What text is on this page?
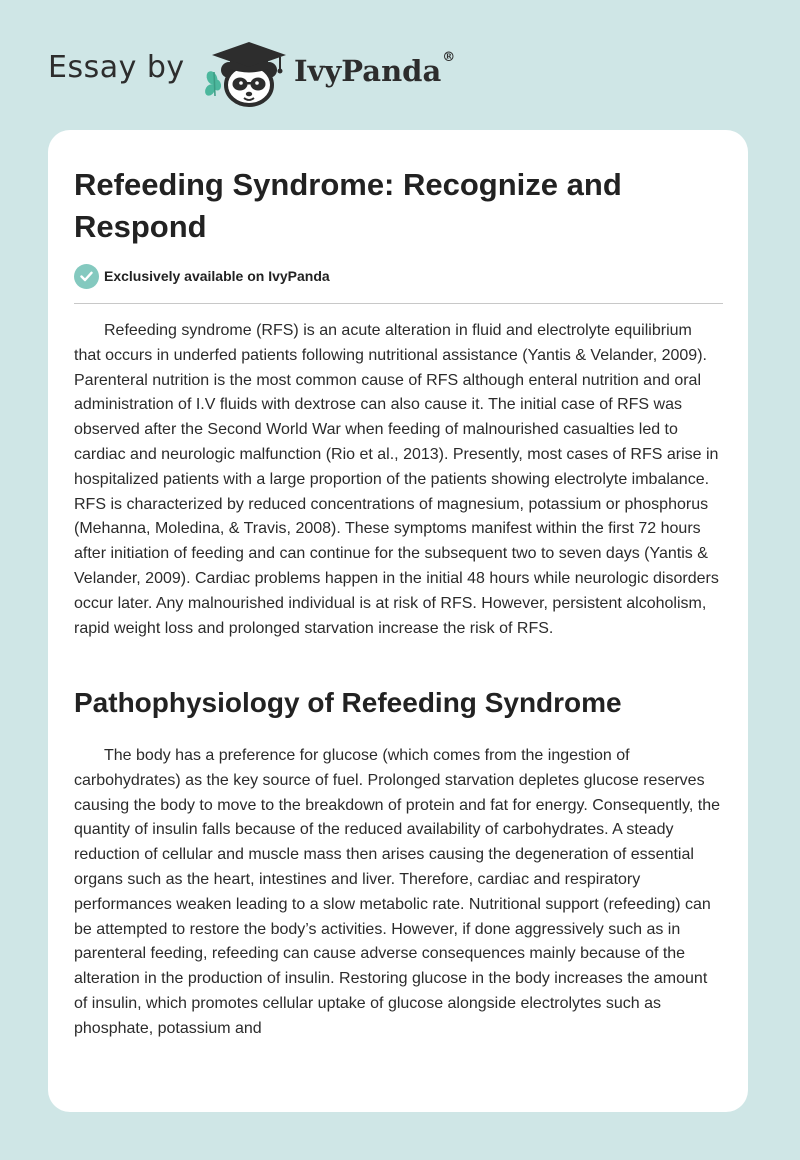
Essay by	IvyPanda®
Refeeding Syndrome: Recognize and Respond
Exclusively available on IvyPanda

Refeeding syndrome (RFS) is an acute alteration in fluid and electrolyte equilibrium that occurs in underfed patients following nutritional assistance (Yantis & Velander, 2009). Parenteral nutrition is the most common cause of RFS although enteral nutrition and oral administration of I.V fluids with dextrose can also cause it. The initial case of RFS was observed after the Second World War when feeding of malnourished casualties led to cardiac and neurologic malfunction (Rio et al., 2013). Presently, most cases of RFS arise in hospitalized patients with a large proportion of the patients showing electrolyte imbalance. RFS is characterized by reduced concentrations of magnesium, potassium or phosphorus (Mehanna, Moledina, & Travis, 2008). These symptoms manifest within the first 72 hours after initiation of feeding and can continue for the subsequent two to seven days (Yantis & Velander, 2009). Cardiac problems happen in the initial 48 hours while neurologic disorders occur later. Any malnourished individual is at risk of RFS. However, persistent alcoholism, rapid weight loss and prolonged starvation increase the risk of RFS.

Pathophysiology of Refeeding Syndrome

The body has a preference for glucose (which comes from the ingestion of carbohydrates) as the key source of fuel. Prolonged starvation depletes glucose reserves causing the body to move to the breakdown of protein and fat for energy. Consequently, the quantity of insulin falls because of the reduced availability of carbohydrates. A steady reduction of cellular and muscle mass then arises causing the degeneration of essential organs such as the heart, intestines and liver. Therefore, cardiac and respiratory performances weaken leading to a slow metabolic rate. Nutritional support (refeeding) can be attempted to restore the body’s activities. However, if done aggressively such as in parenteral feeding, refeeding can cause adverse consequences mainly because of the alteration in the production of insulin. Restoring glucose in the body increases the amount of insulin, which promotes cellular uptake of glucose alongside electrolytes such as phosphate, potassium and
